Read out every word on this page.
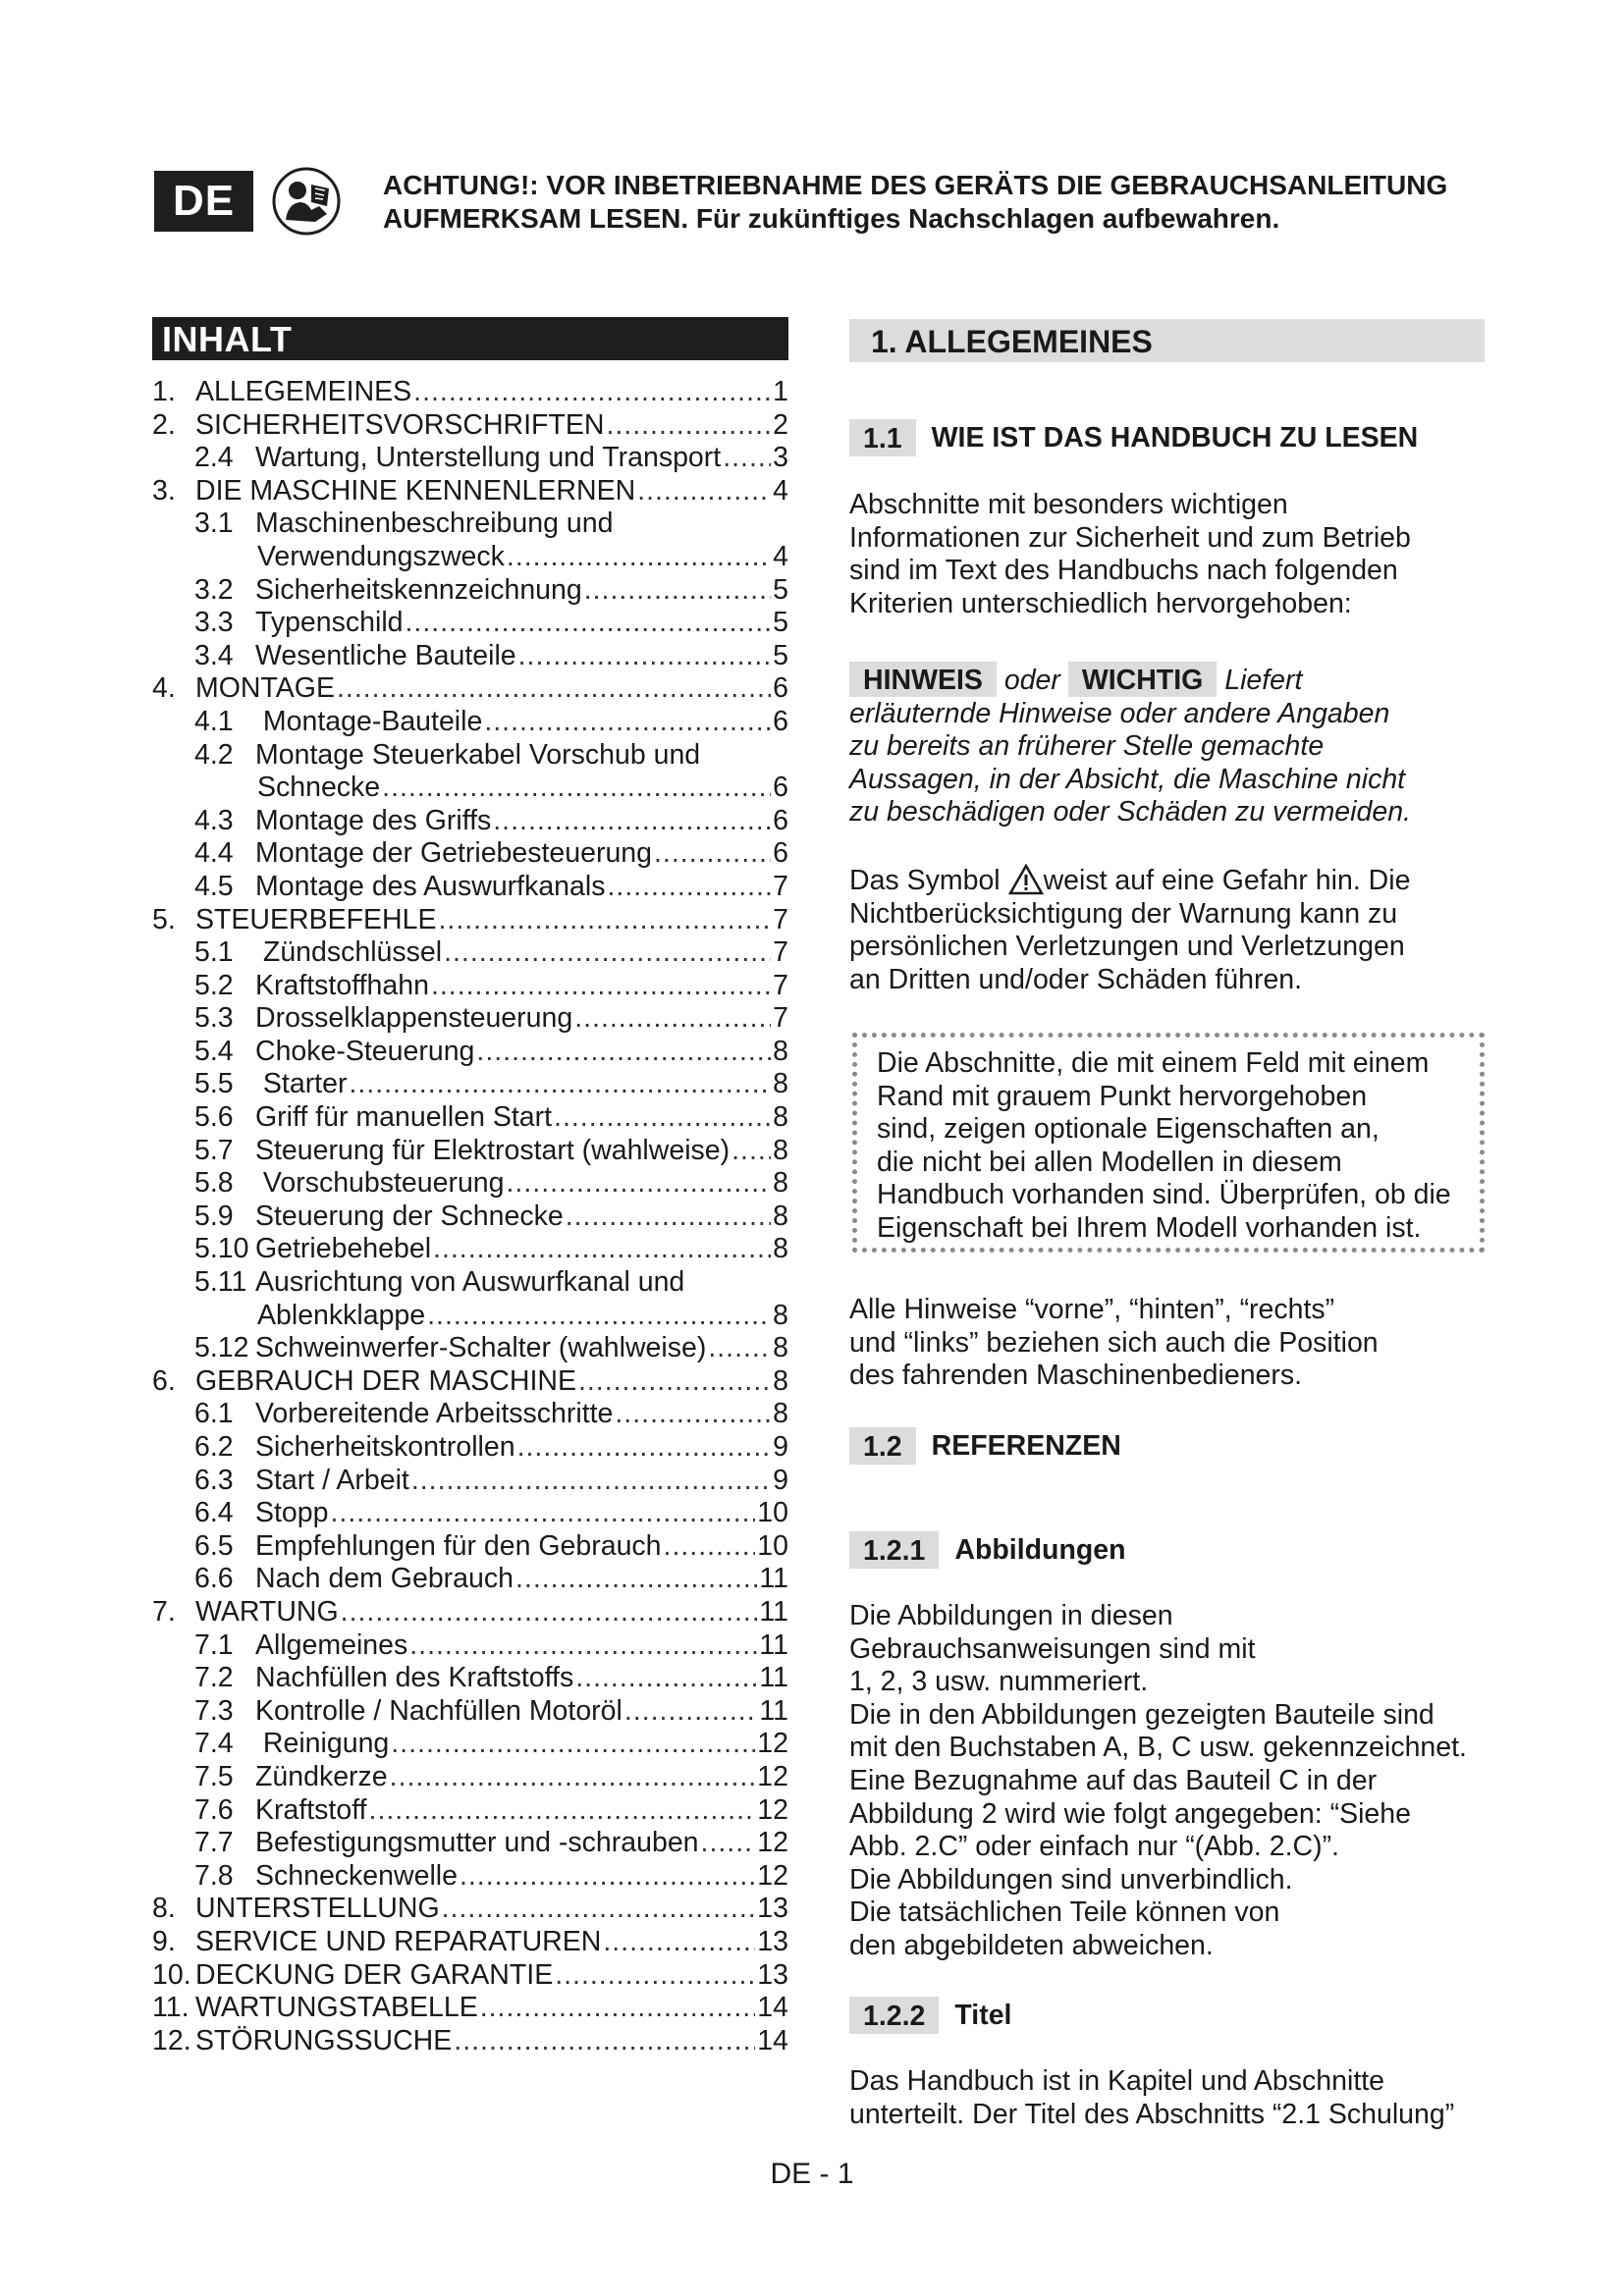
DE	ACHTUNG!: VOR INBETRIEBNAHME DES GERÄTS DIE GEBRAUCHSANLEITUNG
AUFMERKSAM LESEN. Für zukünftiges Nachschlagen aufbewahren.
INHALT
1. ALLEGEMEINES .....	1
2. SICHERHEITSVORSCHRIFTEN .....	2
2.4 Wartung, Unterstellung und Transport ..... 3
3. DIE MASCHINE KENNENLERNEN .....	4
3.1 Maschinenbeschreibung und
Verwendungszweck .....	4
3.2 Sicherheitskennzeichnung .....	5
3.3 Typenschild .....	5
3.4 Wesentliche Bauteile .....	5
4. MONTAGE .....	6
4.1 Montage-Bauteile .....	6
4.2 Montage Steuerkabel Vorschub und
Schnecke .....	6
4.3 Montage des Griffs .....	6
4.4 Montage der Getriebesteuerung .....	6
4.5 Montage des Auswurfkanals .....	7
5. STEUERBEFEHLE .....	7
5.1 Zündschlüssel .....	7
5.2 Kraftstoffhahn .....	7
5.3 Drosselklappensteuerung .....	7
5.4 Choke-Steuerung .....	8
5.5 Starter .....	8
5.6 Griff für manuellen Start .....	8
5.7 Steuerung für Elektrostart (wahlweise) ..... 8
5.8 Vorschubsteuerung .....	8
5.9 Steuerung der Schnecke .....	8
5.10 Getriebehebel .....	8
5.11 Ausrichtung von Auswurfkanal und
Ablenkklappe .....	8
5.12 Schweinwerfer-Schalter (wahlweise) ..... 8
6. GEBRAUCH DER MASCHINE .....	8
6.1 Vorbereitende Arbeitsschritte .....	8
6.2 Sicherheitskontrollen .....	9
6.3 Start / Arbeit .....	9
6.4 Stopp .....	10
6.5 Empfehlungen für den Gebrauch .....	10
6.6 Nach dem Gebrauch .....	11
7. WARTUNG .....	11
7.1 Allgemeines .....	11
7.2 Nachfüllen des Kraftstoffs .....	11
7.3 Kontrolle / Nachfüllen Motoröl .....	11
7.4 Reinigung .....	12
7.5 Zündkerze .....	12
7.6 Kraftstoff .....	12
7.7 Befestigungsmutter und -schrauben ..... 12
7.8 Schneckenwelle .....	12
8. UNTERSTELLUNG .....	13
9. SERVICE UND REPARATUREN .....	13
10. DECKUNG DER GARANTIE .....	13
11. WARTUNGSTABELLE .....	14
12. STÖRUNGSSUCHE .....	14
1. ALLEGEMEINES
1.1	WIE IST DAS HANDBUCH ZU LESEN
Abschnitte mit besonders wichtigen
Informationen zur Sicherheit und zum Betrieb
sind im Text des Handbuchs nach folgenden
Kriterien unterschiedlich hervorgehoben:
HINWEIS oder WICHTIG Liefert
erläuternde Hinweise oder andere Angaben
zu bereits an früherer Stelle gemachte
Aussagen, in der Absicht, die Maschine nicht
zu beschädigen oder Schäden zu vermeiden.
Das Symbol weist auf eine Gefahr hin. Die
Nichtberücksichtigung der Warnung kann zu
persönlichen Verletzungen und Verletzungen
an Dritten und/oder Schäden führen.
Die Abschnitte, die mit einem Feld mit einem
Rand mit grauem Punkt hervorgehoben
sind, zeigen optionale Eigenschaften an,
die nicht bei allen Modellen in diesem
Handbuch vorhanden sind. Überprüfen, ob die
Eigenschaft bei Ihrem Modell vorhanden ist.
Alle Hinweise “vorne”, “hinten”, “rechts”
und “links” beziehen sich auch die Position
des fahrenden Maschinenbedieners.
1.2	REFERENZEN
1.2.1	Abbildungen
Die Abbildungen in diesen
Gebrauchsanweisungen sind mit
1, 2, 3 usw. nummeriert.
Die in den Abbildungen gezeigten Bauteile sind
mit den Buchstaben A, B, C usw. gekennzeichnet.
Eine Bezugnahme auf das Bauteil C in der
Abbildung 2 wird wie folgt angegeben: “Siehe
Abb. 2.C” oder einfach nur “(Abb. 2.C)”.
Die Abbildungen sind unverbindlich.
Die tatsächlichen Teile können von
den abgebildeten abweichen.
1.2.2	Titel
Das Handbuch ist in Kapitel und Abschnitte
unterteilt. Der Titel des Abschnitts “2.1 Schulung”
DE - 1
